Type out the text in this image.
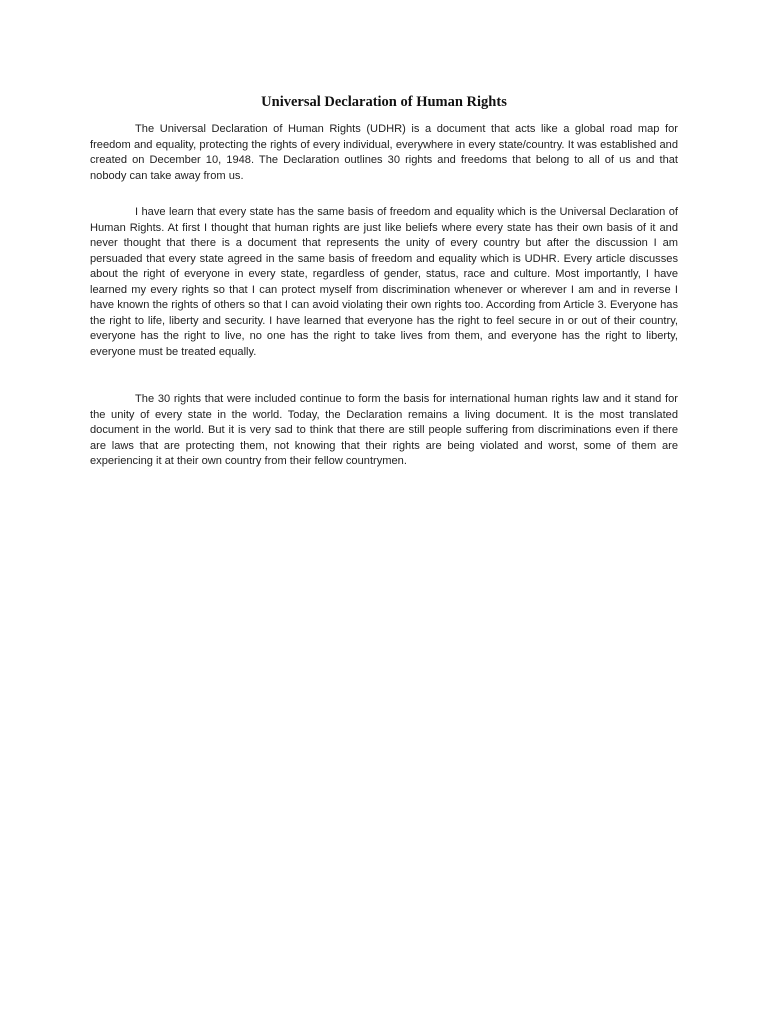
Universal Declaration of Human Rights

The Universal Declaration of Human Rights (UDHR) is a document that acts like a global road map for freedom and equality, protecting the rights of every individual, everywhere in every state/country. It was established and created on December 10, 1948. The Declaration outlines 30 rights and freedoms that belong to all of us and that nobody can take away from us.

I have learn that every state has the same basis of freedom and equality which is the Universal Declaration of Human Rights. At first I thought that human rights are just like beliefs where every state has their own basis of it and never thought that there is a document that represents the unity of every country but after the discussion I am persuaded that every state agreed in the same basis of freedom and equality which is UDHR. Every article discusses about the right of everyone in every state, regardless of gender, status, race and culture. Most importantly, I have learned my every rights so that I can protect myself from discrimination whenever or wherever I am and in reverse I have known the rights of others so that I can avoid violating their own rights too. According from Article 3. Everyone has the right to life, liberty and security. I have learned that everyone has the right to feel secure in or out of their country, everyone has the right to live, no one has the right to take lives from them, and everyone has the right to liberty, everyone must be treated equally.

The 30 rights that were included continue to form the basis for international human rights law and it stand for the unity of every state in the world. Today, the Declaration remains a living document. It is the most translated document in the world. But it is very sad to think that there are still people suffering from discriminations even if there are laws that are protecting them, not knowing that their rights are being violated and worst, some of them are experiencing it at their own country from their fellow countrymen.
